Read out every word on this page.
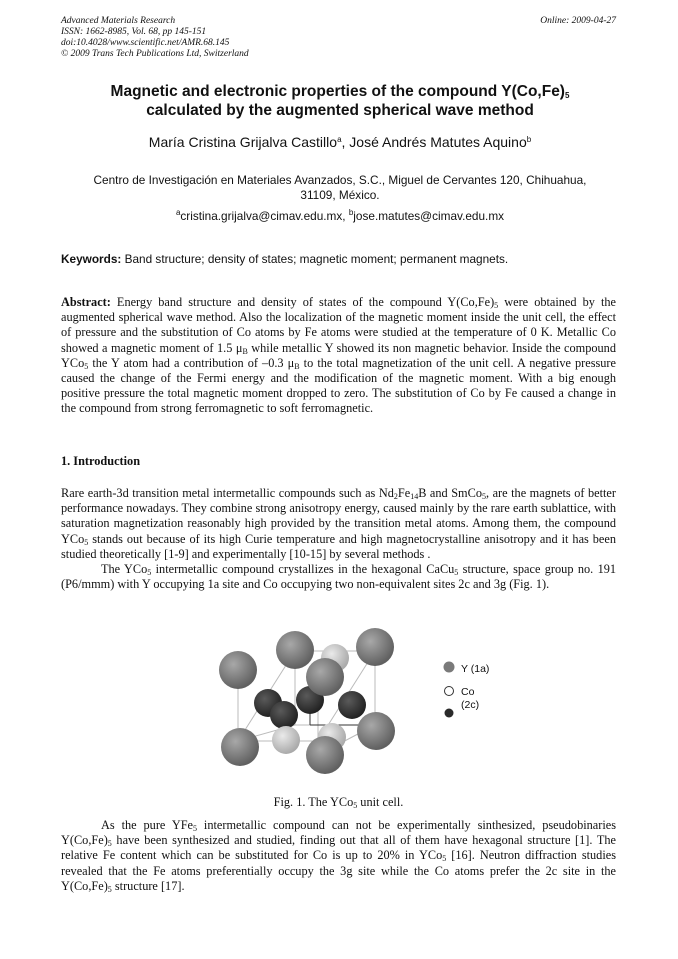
Advanced Materials Research
ISSN: 1662-8985, Vol. 68, pp 145-151
doi:10.4028/www.scientific.net/AMR.68.145
© 2009 Trans Tech Publications Ltd, Switzerland
Online: 2009-04-27
Magnetic and electronic properties of the compound $Y(Co,Fe)_5$
calculated by the augmented spherical wave method
María Cristina Grijalva Castillo$^a$, José Andrés Matutes Aquino$^b$
Centro de Investigación en Materiales Avanzados, S.C., Miguel de Cervantes 120, Chihuahua,
31109, México.
$^a$cristina.grijalva@cimav.edu.mx, $^b$jose.matutes@cimav.edu.mx
Keywords: Band structure; density of states; magnetic moment; permanent magnets.
Abstract: Energy band structure and density of states of the compound $Y(Co,Fe)_5$ were obtained by the augmented spherical wave method. Also the localization of the magnetic moment inside the unit cell, the effect of pressure and the substitution of Co atoms by Fe atoms were studied at the temperature of 0 K. Metallic Co showed a magnetic moment of 1.5 $\mu_B$ while metallic Y showed its non magnetic behavior. Inside the compound YCo$_5$ the Y atom had a contribution of –0.3 $\mu_B$ to the total magnetization of the unit cell. A negative pressure caused the change of the Fermi energy and the modification of the magnetic moment. With a big enough positive pressure the total magnetic moment dropped to zero. The substitution of Co by Fe caused a change in the compound from strong ferromagnetic to soft ferromagnetic.
1. Introduction
Rare earth-3d transition metal intermetallic compounds such as $Nd_2Fe_{14}B$ and SmCo$_5$, are the magnets of better performance nowadays. They combine strong anisotropy energy, caused mainly by the rare earth sublattice, with saturation magnetization reasonably high provided by the transition metal atoms. Among them, the compound YCo$_5$ stands out because of its high Curie temperature and high magnetocrystalline anisotropy and it has been studied theoretically [1-9] and experimentally [10-15] by several methods .
The YCo$_5$ intermetallic compound crystallizes in the hexagonal CaCu$_5$ structure, space group no. 191 (P6/mmm) with Y occupying 1a site and Co occupying two non-equivalent sites 2c and 3g (Fig. 1).
Y (1a)
Co
(2c)
Fig. 1. The YCo$_5$ unit cell.
As the pure YFe$_5$ intermetallic compound can not be experimentally sinthesized, pseudobinaries $Y(Co,Fe)_5$ have been synthesized and studied, finding out that all of them have hexagonal structure [1]. The relative Fe content which can be substituted for Co is up to 20% in YCo$_5$ [16]. Neutron diffraction studies revealed that the Fe atoms preferentially occupy the 3g site while the Co atoms prefer the 2c site in the $Y(Co,Fe)_5$ structure [17].
